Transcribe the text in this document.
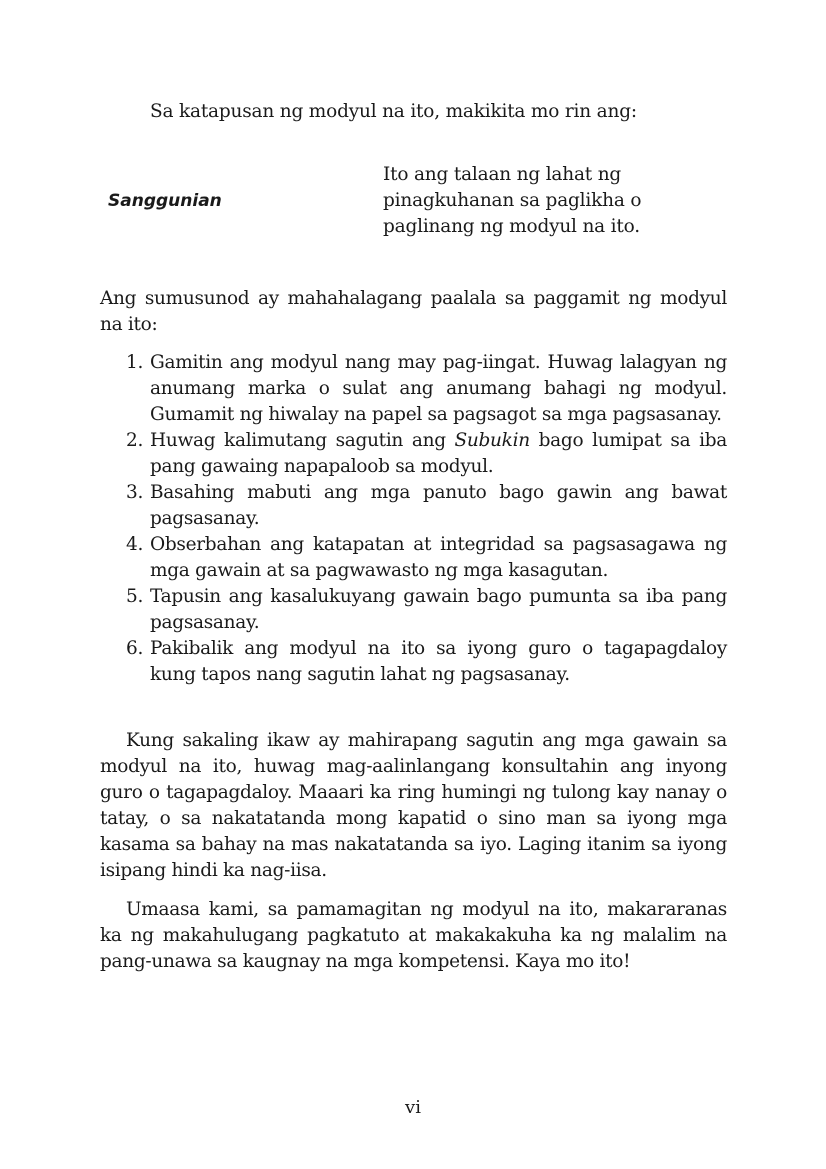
Sa katapusan ng modyul na ito, makikita mo rin ang:
Sanggunian
Ito ang talaan ng lahat ng
pinagkuhanan sa paglikha o
paglinang ng modyul na ito.
Ang sumusunod ay mahahalagang paalala sa paggamit ng modyul na ito:
1. Gamitin ang modyul nang may pag-iingat. Huwag lalagyan ng anumang marka o sulat ang anumang bahagi ng modyul. Gumamit ng hiwalay na papel sa pagsagot sa mga pagsasanay.
2. Huwag kalimutang sagutin ang Subukin bago lumipat sa iba pang gawaing napapaloob sa modyul.
3. Basahing mabuti ang mga panuto bago gawin ang bawat pagsasanay.
4. Obserbahan ang katapatan at integridad sa pagsasagawa ng mga gawain at sa pagwawasto ng mga kasagutan.
5. Tapusin ang kasalukuyang gawain bago pumunta sa iba pang pagsasanay.
6. Pakibalik ang modyul na ito sa iyong guro o tagapagdaloy kung tapos nang sagutin lahat ng pagsasanay.

Kung sakaling ikaw ay mahirapang sagutin ang mga gawain sa modyul na ito, huwag mag-aalinlangang konsultahin ang inyong guro o tagapagdaloy. Maaari ka ring humingi ng tulong kay nanay o tatay, o sa nakatatanda mong kapatid o sino man sa iyong mga kasama sa bahay na mas nakatatanda sa iyo. Laging itanim sa iyong isipang hindi ka nag-iisa.

Umaasa kami, sa pamamagitan ng modyul na ito, makararanas ka ng makahulugang pagkatuto at makakakuha ka ng malalim na pang-unawa sa kaugnay na mga kompetensi. Kaya mo ito!

vi
